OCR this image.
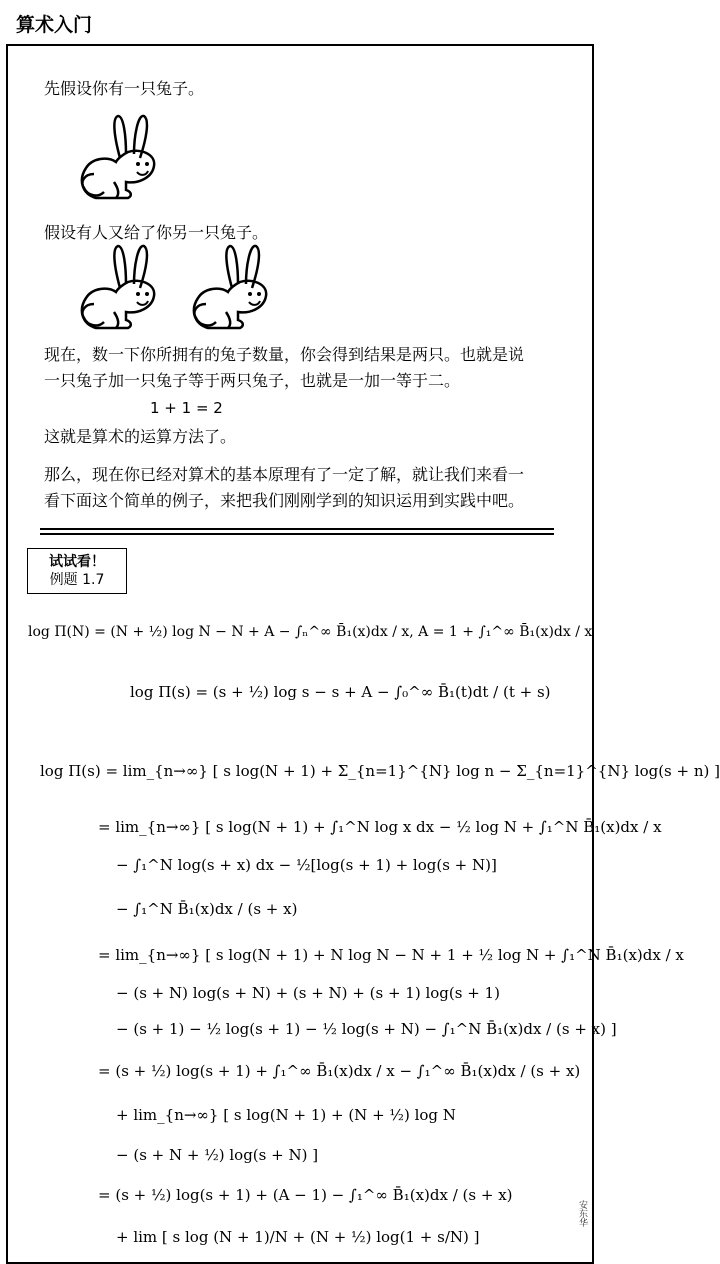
算术入门
先假设你有一只兔子。
假设有人又给了你另一只兔子。
现在，数一下你所拥有的兔子数量，你会得到结果是两只。也就是说
一只兔子加一只兔子等于两只兔子，也就是一加一等于二。
1 + 1 = 2
这就是算术的运算方法了。
那么，现在你已经对算术的基本原理有了一定了解，就让我们来看一
看下面这个简单的例子，来把我们刚刚学到的知识运用到实践中吧。
试试看！
例题 1.7
log Π(N) = (N + ½) log N − N + A − ∫ₙ^∞ B̄₁(x)dx / x, A = 1 + ∫₁^∞ B̄₁(x)dx / x
log Π(s) = (s + ½) log s − s + A − ∫₀^∞ B̄₁(t)dt / (t + s)
log Π(s) = lim_{n→∞} [ s log(N + 1) + Σ_{n=1}^{N} log n − Σ_{n=1}^{N} log(s + n) ]
= lim_{n→∞} [ s log(N + 1) + ∫₁^N log x dx − ½ log N + ∫₁^N B̄₁(x)dx / x
− ∫₁^N log(s + x) dx − ½[log(s + 1) + log(s + N)]
− ∫₁^N B̄₁(x)dx / (s + x)
= lim_{n→∞} [ s log(N + 1) + N log N − N + 1 + ½ log N + ∫₁^N B̄₁(x)dx / x
− (s + N) log(s + N) + (s + N) + (s + 1) log(s + 1)
− (s + 1) − ½ log(s + 1) − ½ log(s + N) − ∫₁^N B̄₁(x)dx / (s + x) ]
= (s + ½) log(s + 1) + ∫₁^∞ B̄₁(x)dx / x − ∫₁^∞ B̄₁(x)dx / (s + x)
+ lim_{n→∞} [ s log(N + 1) + (N + ½) log N
− (s + N + ½) log(s + N) ]
= (s + ½) log(s + 1) + (A − 1) − ∫₁^∞ B̄₁(x)dx / (s + x)
+ lim [ s log (N + 1)/N + (N + ½) log(1 + s/N) ]
安东华
